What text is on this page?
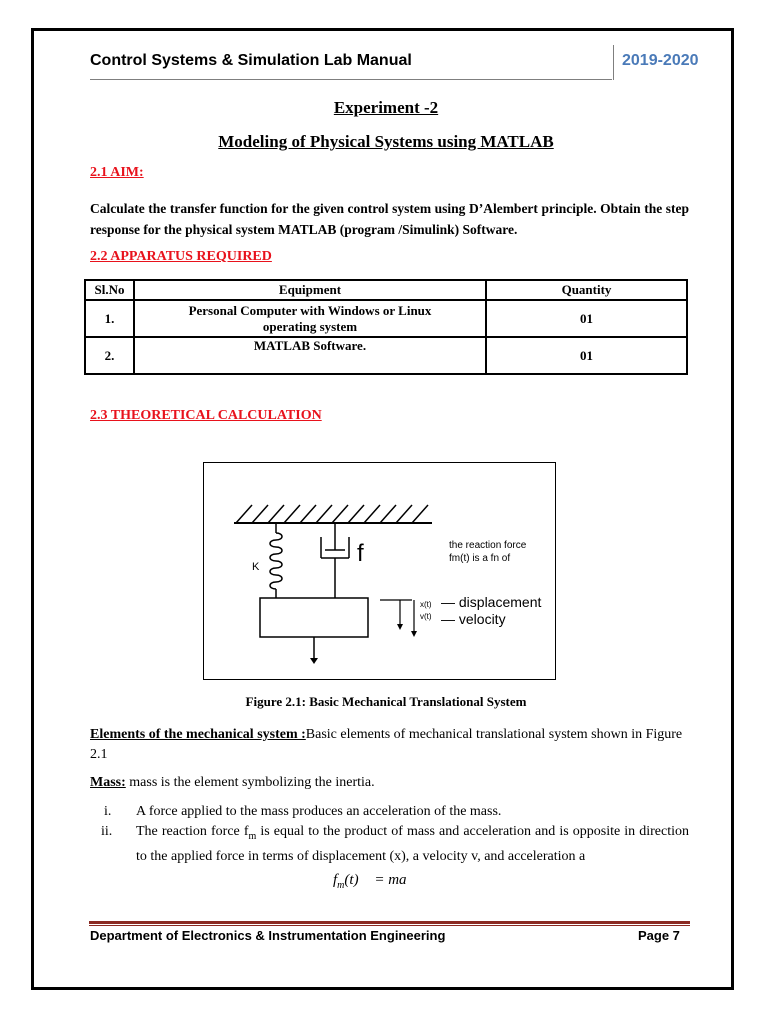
Control Systems & Simulation Lab Manual	2019-2020
Experiment -2
Modeling of Physical Systems using MATLAB
2.1 AIM:
Calculate the transfer function for the given control system using D’Alembert principle. Obtain the step response for the physical system MATLAB (program /Simulink) Software.
2.2 APPARATUS REQUIRED
Sl.No	Equipment	Quantity
1.	Personal Computer with Windows or Linux operating system	01
2.	MATLAB Software.	01
2.3 THEORETICAL CALCULATION
K	f	the reaction force
fm(t) is a fn of
x(t)
v(t)
— displacement
— velocity
Figure 2.1: Basic Mechanical Translational System
Elements of the mechanical system :Basic elements of mechanical translational system shown in Figure 2.1
Mass: mass is the element symbolizing the inertia.
i. A force applied to the mass produces an acceleration of the mass.
ii. The reaction force $f_m$ is equal to the product of mass and acceleration and is opposite in direction to the applied force in terms of displacement (x), a velocity v, and acceleration a
$f_m(t)$ = ma
Department of Electronics & Instrumentation Engineering	Page 7
